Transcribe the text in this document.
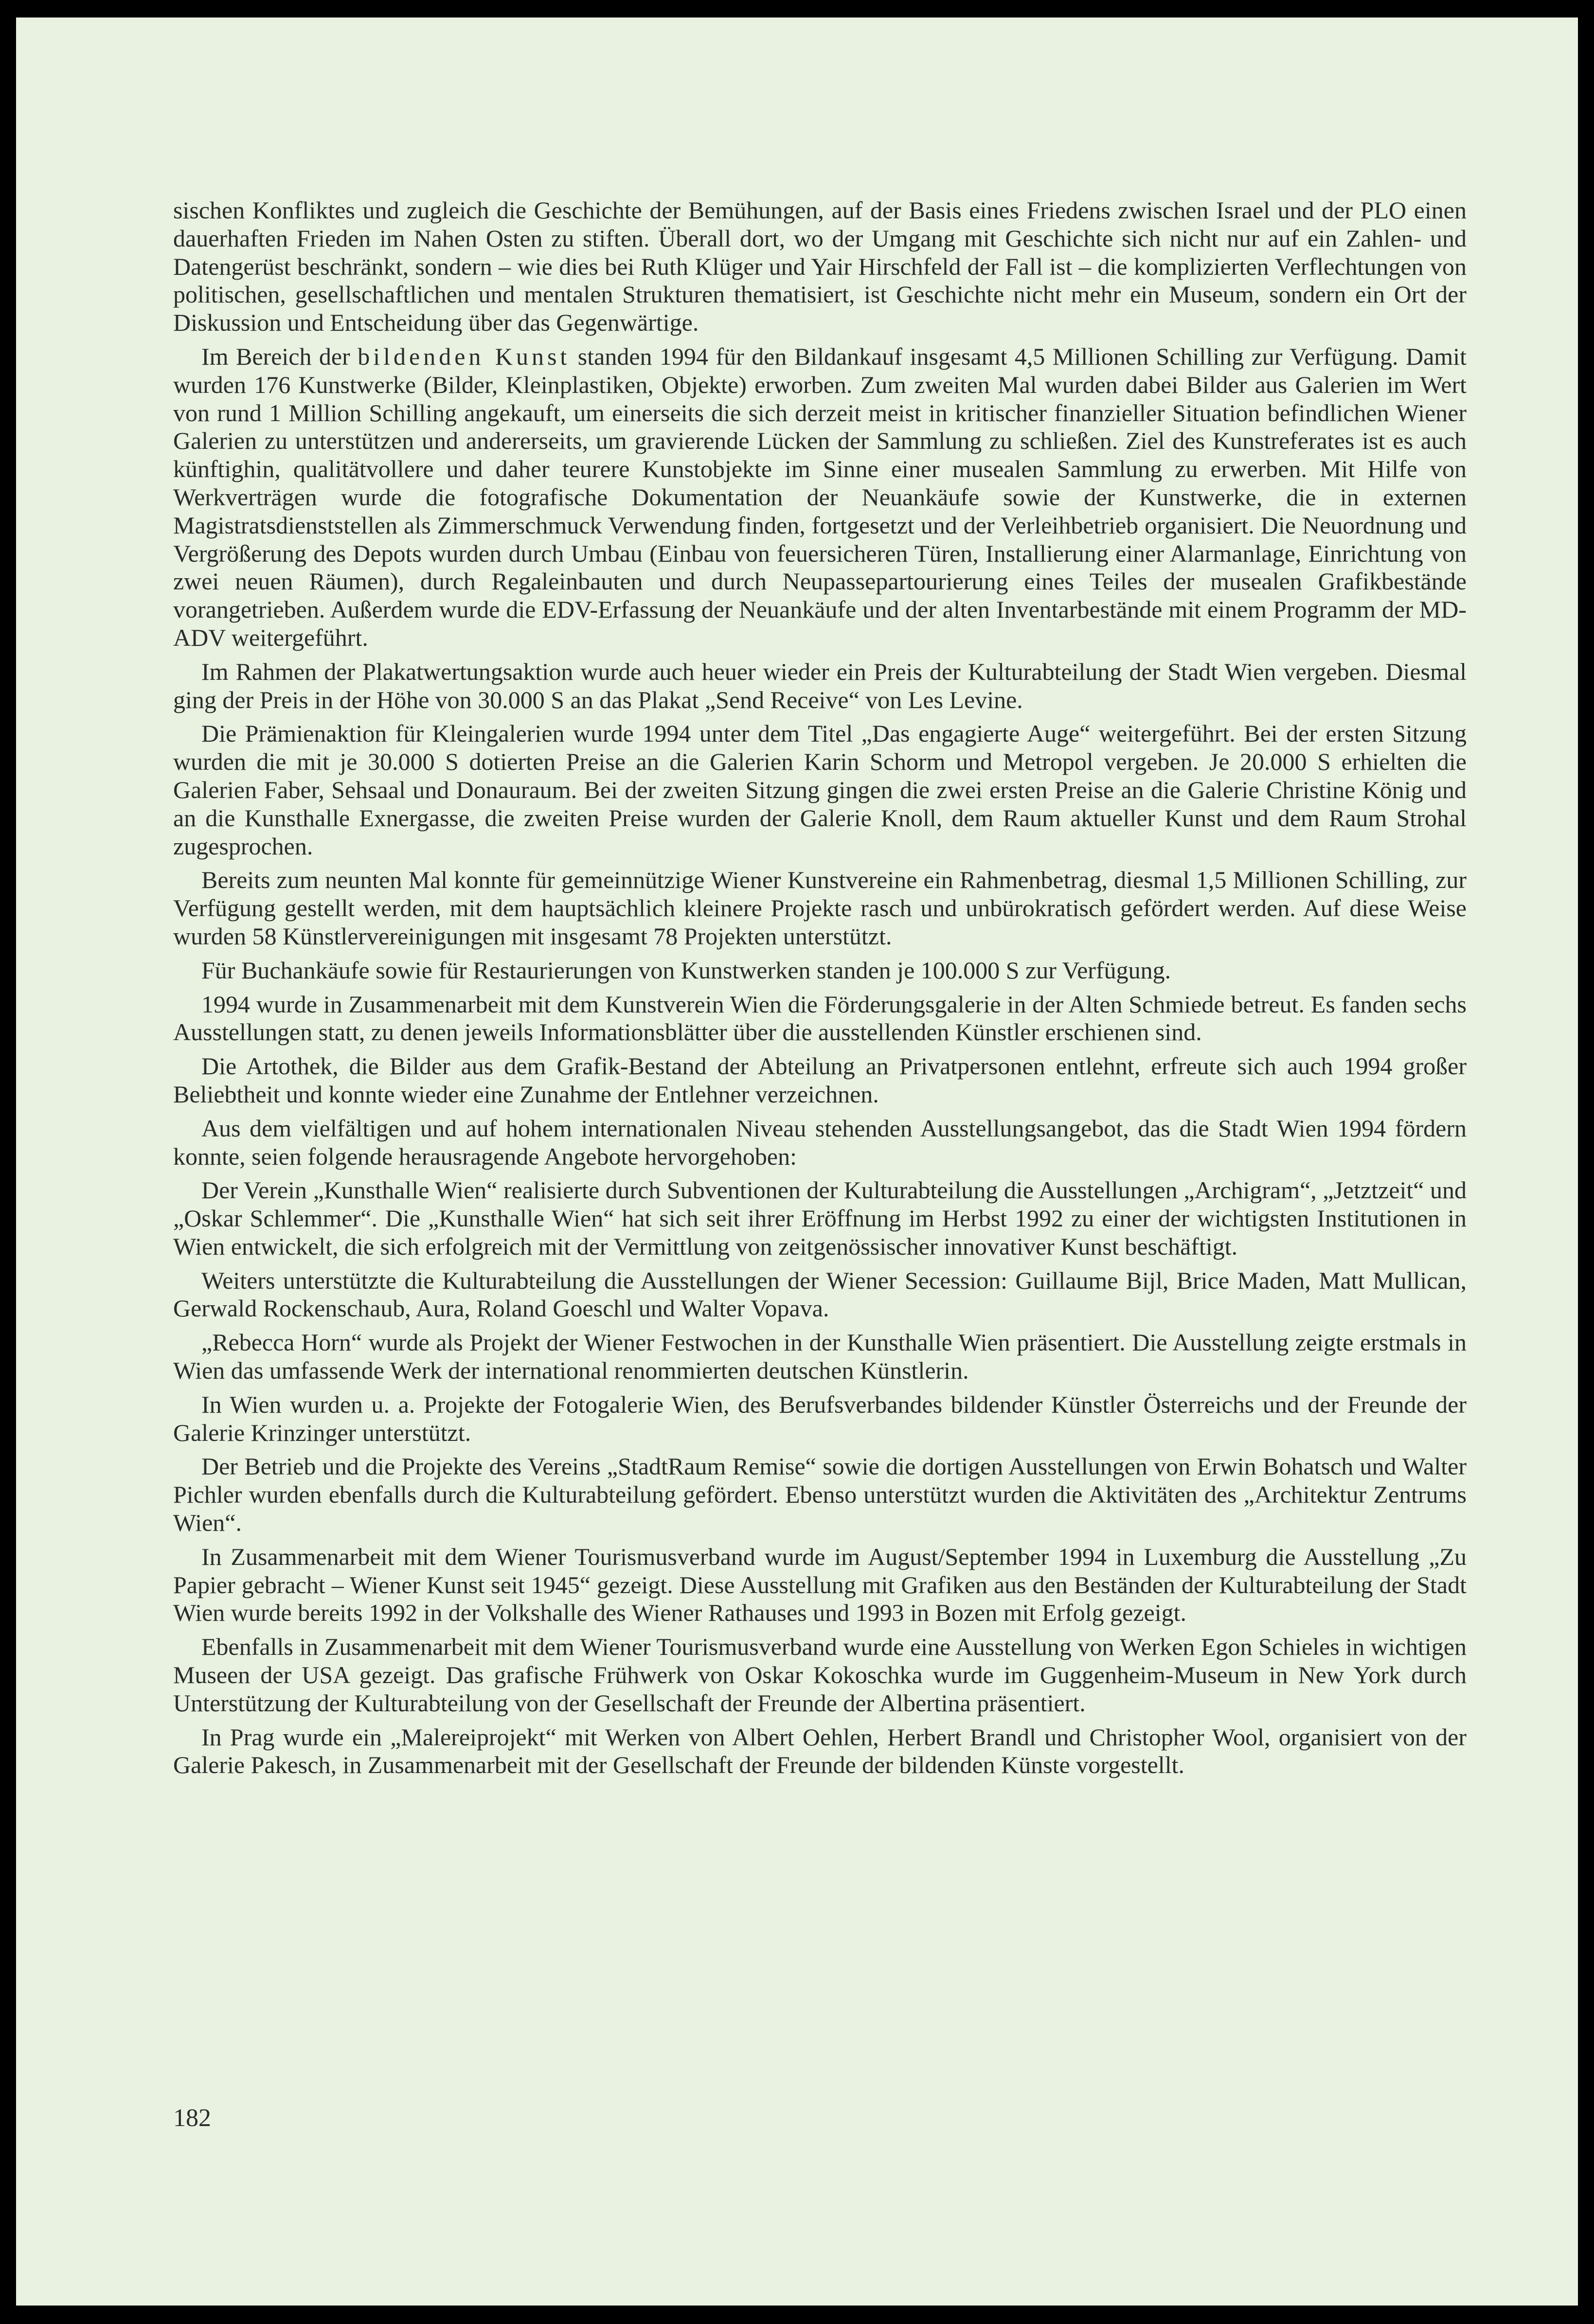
sischen Konfliktes und zugleich die Geschichte der Bemühungen, auf der Basis eines Friedens zwischen Israel und der PLO einen dauerhaften Frieden im Nahen Osten zu stiften. Überall dort, wo der Umgang mit Geschichte sich nicht nur auf ein Zahlen- und Datengerüst beschränkt, sondern – wie dies bei Ruth Klüger und Yair Hirschfeld der Fall ist – die komplizierten Verflechtungen von politischen, gesellschaftlichen und mentalen Strukturen thematisiert, ist Geschichte nicht mehr ein Museum, sondern ein Ort der Diskussion und Entscheidung über das Gegenwärtige.

Im Bereich der bildenden Kunst standen 1994 für den Bildankauf insgesamt 4,5 Millionen Schilling zur Verfügung. Damit wurden 176 Kunstwerke (Bilder, Kleinplastiken, Objekte) erworben. Zum zweiten Mal wurden dabei Bilder aus Galerien im Wert von rund 1 Million Schilling angekauft, um einerseits die sich derzeit meist in kritischer finanzieller Situation befindlichen Wiener Galerien zu unterstützen und andererseits, um gravierende Lücken der Sammlung zu schließen. Ziel des Kunstreferates ist es auch künftighin, qualitätvollere und daher teurere Kunstobjekte im Sinne einer musealen Sammlung zu erwerben. Mit Hilfe von Werkverträgen wurde die fotografische Dokumentation der Neuankäufe sowie der Kunstwerke, die in externen Magistratsdienststellen als Zimmerschmuck Verwendung finden, fortgesetzt und der Verleihbetrieb organisiert. Die Neuordnung und Vergrößerung des Depots wurden durch Umbau (Einbau von feuersicheren Türen, Installierung einer Alarmanlage, Einrichtung von zwei neuen Räumen), durch Regaleinbauten und durch Neupassepartourierung eines Teiles der musealen Grafikbestände vorangetrieben. Außerdem wurde die EDV-Erfassung der Neuankäufe und der alten Inventarbestände mit einem Programm der MD-ADV weitergeführt.

Im Rahmen der Plakatwertungsaktion wurde auch heuer wieder ein Preis der Kulturabteilung der Stadt Wien vergeben. Diesmal ging der Preis in der Höhe von 30.000 S an das Plakat „Send Receive“ von Les Levine.

Die Prämienaktion für Kleingalerien wurde 1994 unter dem Titel „Das engagierte Auge“ weitergeführt. Bei der ersten Sitzung wurden die mit je 30.000 S dotierten Preise an die Galerien Karin Schorm und Metropol vergeben. Je 20.000 S erhielten die Galerien Faber, Sehsaal und Donauraum. Bei der zweiten Sitzung gingen die zwei ersten Preise an die Galerie Christine König und an die Kunsthalle Exnergasse, die zweiten Preise wurden der Galerie Knoll, dem Raum aktueller Kunst und dem Raum Strohal zugesprochen.

Bereits zum neunten Mal konnte für gemeinnützige Wiener Kunstvereine ein Rahmenbetrag, diesmal 1,5 Millionen Schilling, zur Verfügung gestellt werden, mit dem hauptsächlich kleinere Projekte rasch und unbürokratisch gefördert werden. Auf diese Weise wurden 58 Künstlervereinigungen mit insgesamt 78 Projekten unterstützt.

Für Buchankäufe sowie für Restaurierungen von Kunstwerken standen je 100.000 S zur Verfügung.

1994 wurde in Zusammenarbeit mit dem Kunstverein Wien die Förderungsgalerie in der Alten Schmiede betreut. Es fanden sechs Ausstellungen statt, zu denen jeweils Informationsblätter über die ausstellenden Künstler erschienen sind.

Die Artothek, die Bilder aus dem Grafik-Bestand der Abteilung an Privatpersonen entlehnt, erfreute sich auch 1994 großer Beliebtheit und konnte wieder eine Zunahme der Entlehner verzeichnen.

Aus dem vielfältigen und auf hohem internationalen Niveau stehenden Ausstellungsangebot, das die Stadt Wien 1994 fördern konnte, seien folgende herausragende Angebote hervorgehoben:

Der Verein „Kunsthalle Wien“ realisierte durch Subventionen der Kulturabteilung die Ausstellungen „Archigram“, „Jetztzeit“ und „Oskar Schlemmer“. Die „Kunsthalle Wien“ hat sich seit ihrer Eröffnung im Herbst 1992 zu einer der wichtigsten Institutionen in Wien entwickelt, die sich erfolgreich mit der Vermittlung von zeitgenössischer innovativer Kunst beschäftigt.

Weiters unterstützte die Kulturabteilung die Ausstellungen der Wiener Secession: Guillaume Bijl, Brice Maden, Matt Mullican, Gerwald Rockenschaub, Aura, Roland Goeschl und Walter Vopava.

„Rebecca Horn“ wurde als Projekt der Wiener Festwochen in der Kunsthalle Wien präsentiert. Die Ausstellung zeigte erstmals in Wien das umfassende Werk der international renommierten deutschen Künstlerin.

In Wien wurden u. a. Projekte der Fotogalerie Wien, des Berufsverbandes bildender Künstler Österreichs und der Freunde der Galerie Krinzinger unterstützt.

Der Betrieb und die Projekte des Vereins „StadtRaum Remise“ sowie die dortigen Ausstellungen von Erwin Bohatsch und Walter Pichler wurden ebenfalls durch die Kulturabteilung gefördert. Ebenso unterstützt wurden die Aktivitäten des „Architektur Zentrums Wien“.

In Zusammenarbeit mit dem Wiener Tourismusverband wurde im August/September 1994 in Luxemburg die Ausstellung „Zu Papier gebracht – Wiener Kunst seit 1945“ gezeigt. Diese Ausstellung mit Grafiken aus den Beständen der Kulturabteilung der Stadt Wien wurde bereits 1992 in der Volkshalle des Wiener Rathauses und 1993 in Bozen mit Erfolg gezeigt.

Ebenfalls in Zusammenarbeit mit dem Wiener Tourismusverband wurde eine Ausstellung von Werken Egon Schieles in wichtigen Museen der USA gezeigt. Das grafische Frühwerk von Oskar Kokoschka wurde im Guggenheim-Museum in New York durch Unterstützung der Kulturabteilung von der Gesellschaft der Freunde der Albertina präsentiert.

In Prag wurde ein „Malereiprojekt“ mit Werken von Albert Oehlen, Herbert Brandl und Christopher Wool, organisiert von der Galerie Pakesch, in Zusammenarbeit mit der Gesellschaft der Freunde der bildenden Künste vorgestellt.

182
